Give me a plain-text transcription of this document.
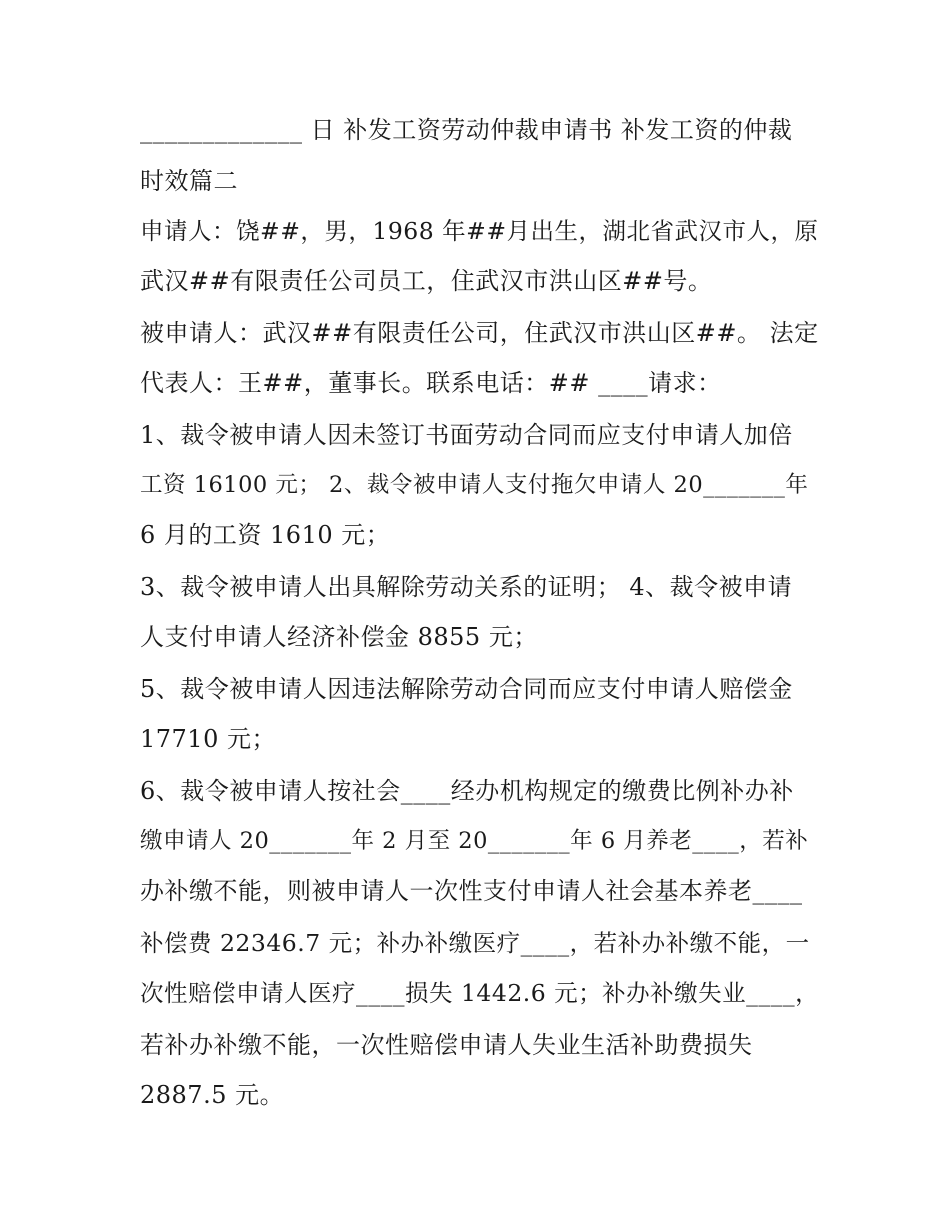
_____________ 日 补发工资劳动仲裁申请书 补发工资的仲裁
时效篇二
申请人：饶##，男，1968 年##月出生，湖北省武汉市人，原
武汉##有限责任公司员工，住武汉市洪山区##号。
被申请人：武汉##有限责任公司，住武汉市洪山区##。 法定
代表人：王##，董事长。联系电话：## ____请求：
1、裁令被申请人因未签订书面劳动合同而应支付申请人加倍
工资 16100 元； 2、裁令被申请人支付拖欠申请人 20_______年
6 月的工资 1610 元；
3、裁令被申请人出具解除劳动关系的证明； 4、裁令被申请
人支付申请人经济补偿金 8855 元；
5、裁令被申请人因违法解除劳动合同而应支付申请人赔偿金
17710 元；
6、裁令被申请人按社会____经办机构规定的缴费比例补办补
缴申请人 20_______年 2 月至 20_______年 6 月养老____，若补
办补缴不能，则被申请人一次性支付申请人社会基本养老____
补偿费 22346.7 元；补办补缴医疗____，若补办补缴不能，一
次性赔偿申请人医疗____损失 1442.6 元；补办补缴失业____，
若补办补缴不能，一次性赔偿申请人失业生活补助费损失
2887.5 元。
